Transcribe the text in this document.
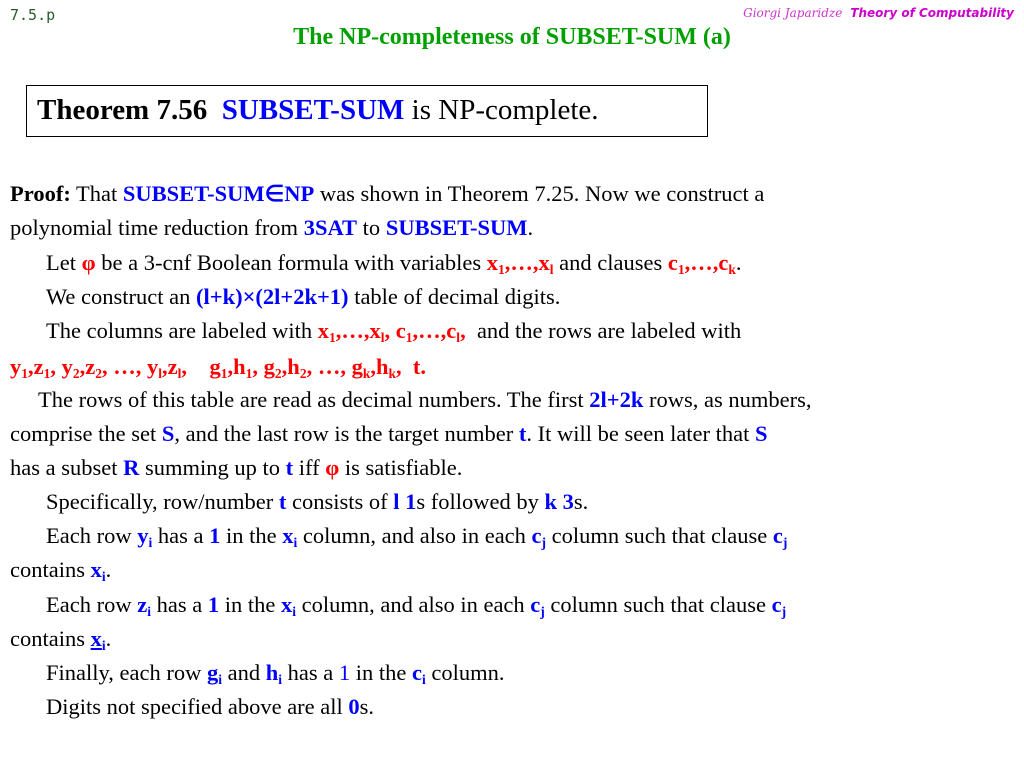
7.5.p	Giorgi Japaridze Theory of Computability
The NP-completeness of SUBSET-SUM (a)
Theorem 7.56 SUBSET-SUM is NP-complete.
Proof: That SUBSET-SUM∈NP was shown in Theorem 7.25. Now we construct a
polynomial time reduction from 3SAT to SUBSET-SUM.
Let φ be a 3-cnf Boolean formula with variables $x_1,\dots,x_l$ and clauses $c_1,\dots,c_k$.
We construct an (l+k)×(2l+2k+1) table of decimal digits.
The columns are labeled with $x_1,\dots,x_l$, $c_1,\dots,c_l$, and the rows are labeled with
$y_1,z_1$, $y_2,z_2$, …, $y_l,z_l$, $g_1,h_1$, $g_2,h_2$, …, $g_k,h_k$, t.
The rows of this table are read as decimal numbers. The first 2l+2k rows, as numbers,
comprise the set S, and the last row is the target number t. It will be seen later that S
has a subset R summing up to t iff φ is satisfiable.
Specifically, row/number t consists of l 1s followed by k 3s.
Each row $y_i$ has a 1 in the $x_i$ column, and also in each $c_j$ column such that clause $c_j$
contains $x_i$.
Each row $z_i$ has a 1 in the $x_i$ column, and also in each $c_j$ column such that clause $c_j$
contains $x_i$.
Finally, each row $g_i$ and $h_i$ has a 1 in the $c_i$ column.
Digits not specified above are all 0s.
